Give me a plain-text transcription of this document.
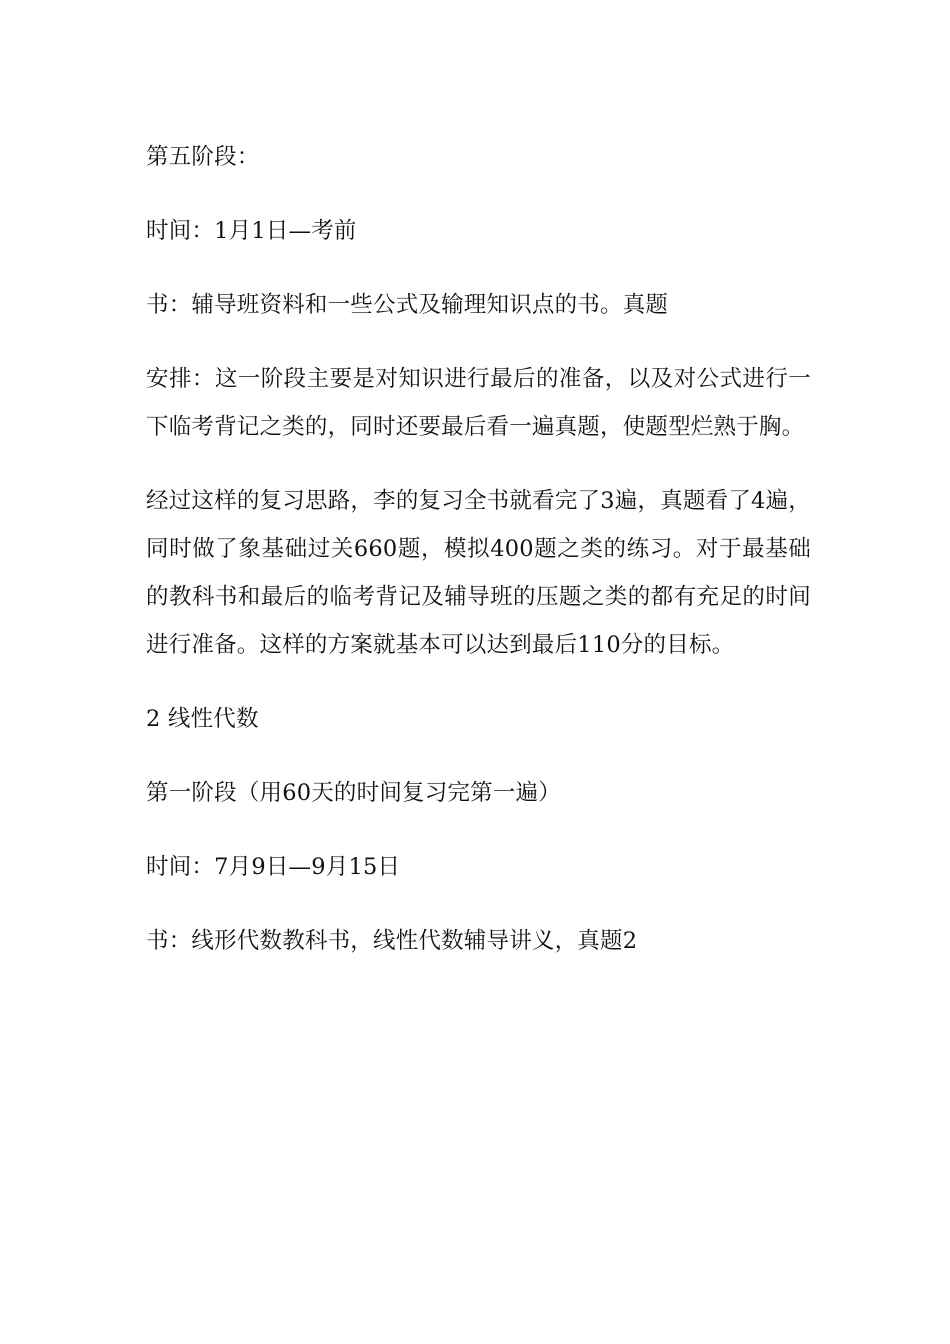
第五阶段：

时间：1月1日—考前

书：辅导班资料和一些公式及输理知识点的书。真题

安排：这一阶段主要是对知识进行最后的准备，以及对公式进行一下临考背记之类的，同时还要最后看一遍真题，使题型烂熟于胸。

经过这样的复习思路，李的复习全书就看完了3遍，真题看了4遍，同时做了象基础过关660题，模拟400题之类的练习。对于最基础的教科书和最后的临考背记及辅导班的压题之类的都有充足的时间进行准备。这样的方案就基本可以达到最后110分的目标。

2 线性代数

第一阶段（用60天的时间复习完第一遍）

时间：7月9日—9月15日

书：线形代数教科书，线性代数辅导讲义，真题2
